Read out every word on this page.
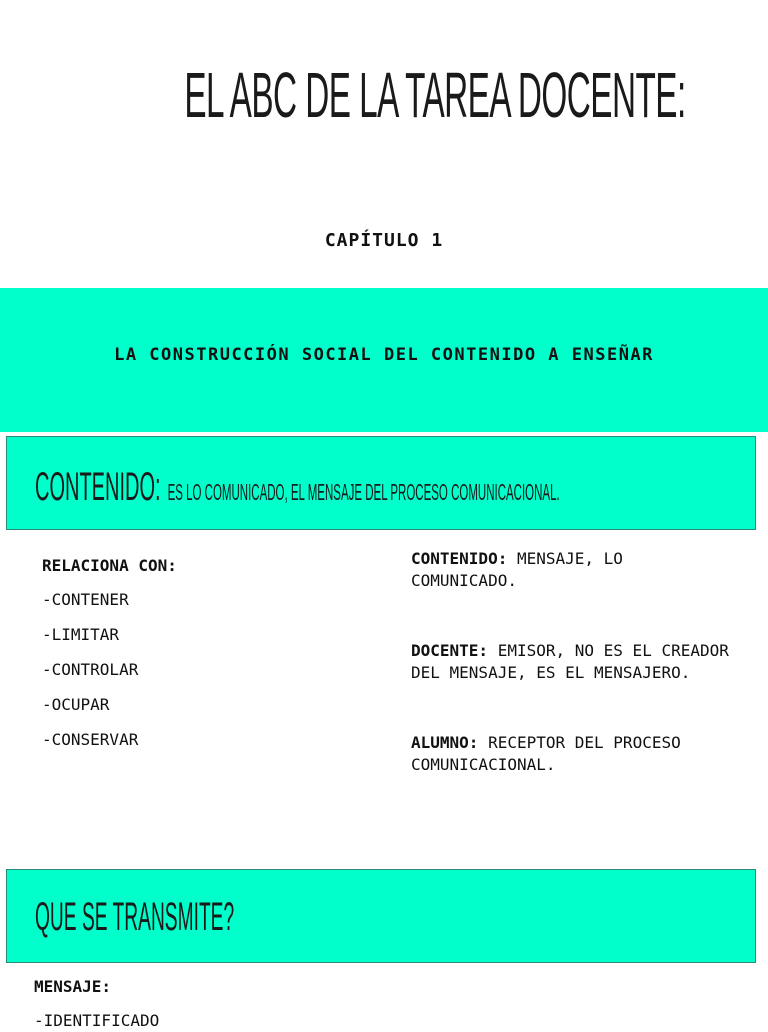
EL ABC DE LA TAREA DOCENTE:
CAPÍTULO 1
LA CONSTRUCCIÓN SOCIAL DEL CONTENIDO A ENSEÑAR
CONTENIDO: ES LO COMUNICADO, EL MENSAJE DEL PROCESO COMUNICACIONAL.
RELACIONA CON:
-CONTENER
-LIMITAR
-CONTROLAR
-OCUPAR
-CONSERVAR
CONTENIDO: MENSAJE, LO COMUNICADO.
DOCENTE: EMISOR, NO ES EL CREADOR DEL MENSAJE, ES EL MENSAJERO.
ALUMNO: RECEPTOR DEL PROCESO COMUNICACIONAL.
QUE SE TRANSMITE?
MENSAJE:
-IDENTIFICADO
